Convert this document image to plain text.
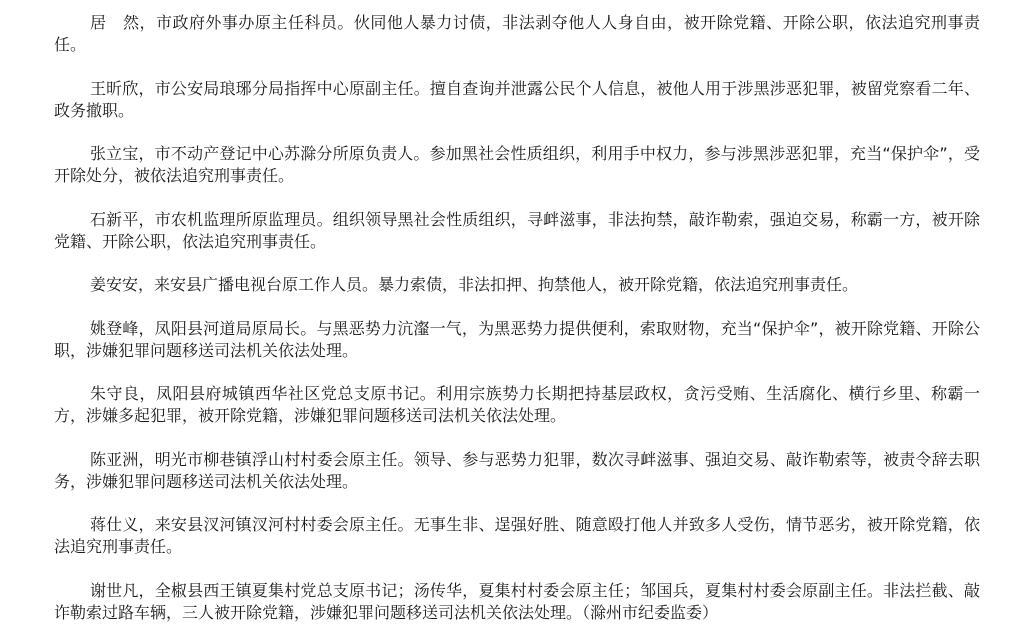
居　然，市政府外事办原主任科员。伙同他人暴力讨债，非法剥夺他人人身自由，被开除党籍、开除公职，依法追究刑事责任。

王昕欣，市公安局琅琊分局指挥中心原副主任。擅自查询并泄露公民个人信息，被他人用于涉黑涉恶犯罪，被留党察看二年、政务撤职。

张立宝，市不动产登记中心苏滁分所原负责人。参加黑社会性质组织，利用手中权力，参与涉黑涉恶犯罪，充当“保护伞”，受开除处分，被依法追究刑事责任。

石新平，市农机监理所原监理员。组织领导黑社会性质组织，寻衅滋事，非法拘禁，敲诈勒索，强迫交易，称霸一方，被开除党籍、开除公职，依法追究刑事责任。

姜安安，来安县广播电视台原工作人员。暴力索债，非法扣押、拘禁他人，被开除党籍，依法追究刑事责任。

姚登峰，凤阳县河道局原局长。与黑恶势力沆瀣一气，为黑恶势力提供便利，索取财物，充当“保护伞”，被开除党籍、开除公职，涉嫌犯罪问题移送司法机关依法处理。

朱守良，凤阳县府城镇西华社区党总支原书记。利用宗族势力长期把持基层政权，贪污受贿、生活腐化、横行乡里、称霸一方，涉嫌多起犯罪，被开除党籍，涉嫌犯罪问题移送司法机关依法处理。

陈亚洲，明光市柳巷镇浮山村村委会原主任。领导、参与恶势力犯罪，数次寻衅滋事、强迫交易、敲诈勒索等，被责令辞去职务，涉嫌犯罪问题移送司法机关依法处理。

蒋仕义，来安县汊河镇汊河村村委会原主任。无事生非、逞强好胜、随意殴打他人并致多人受伤，情节恶劣，被开除党籍，依法追究刑事责任。

谢世凡，全椒县西王镇夏集村党总支原书记；汤传华，夏集村村委会原主任；邹国兵，夏集村村委会原副主任。非法拦截、敲诈勒索过路车辆，三人被开除党籍，涉嫌犯罪问题移送司法机关依法处理。（滁州市纪委监委）
